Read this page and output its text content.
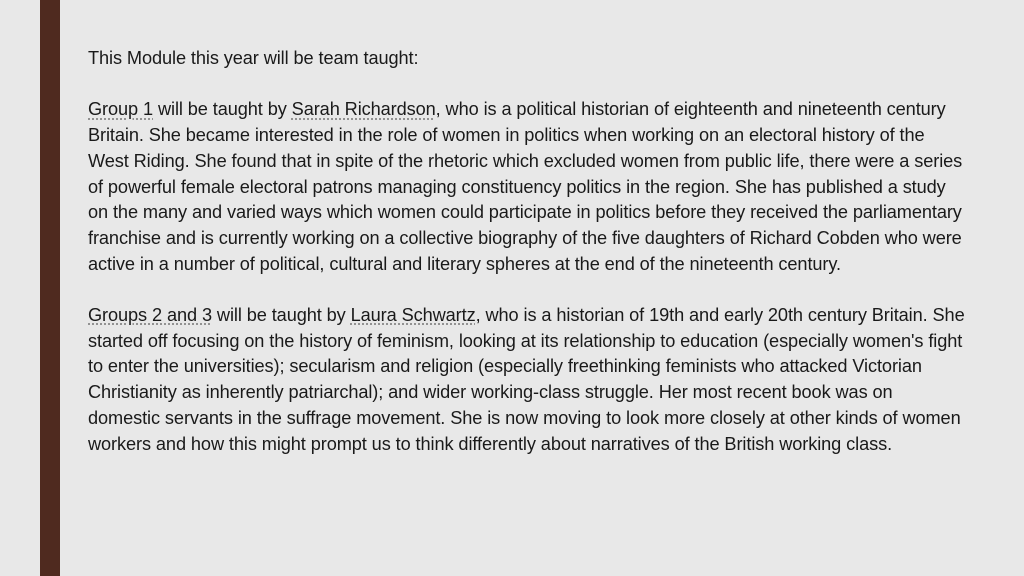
This Module this year will be team taught:

Group 1 will be taught by Sarah Richardson, who is a political historian of eighteenth and nineteenth century Britain. She became interested in the role of women in politics when working on an electoral history of the West Riding. She found that in spite of the rhetoric which excluded women from public life, there were a series of powerful female electoral patrons managing constituency politics in the region. She has published a study on the many and varied ways which women could participate in politics before they received the parliamentary franchise and is currently working on a collective biography of the five daughters of Richard Cobden who were active in a number of political, cultural and literary spheres at the end of the nineteenth century.

Groups 2 and 3 will be taught by Laura Schwartz, who is a historian of 19th and early 20th century Britain. She started off focusing on the history of feminism, looking at its relationship to education (especially women's fight to enter the universities); secularism and religion (especially freethinking feminists who attacked Victorian Christianity as inherently patriarchal); and wider working-class struggle. Her most recent book was on domestic servants in the suffrage movement. She is now moving to look more closely at other kinds of women workers and how this might prompt us to think differently about narratives of the British working class.
